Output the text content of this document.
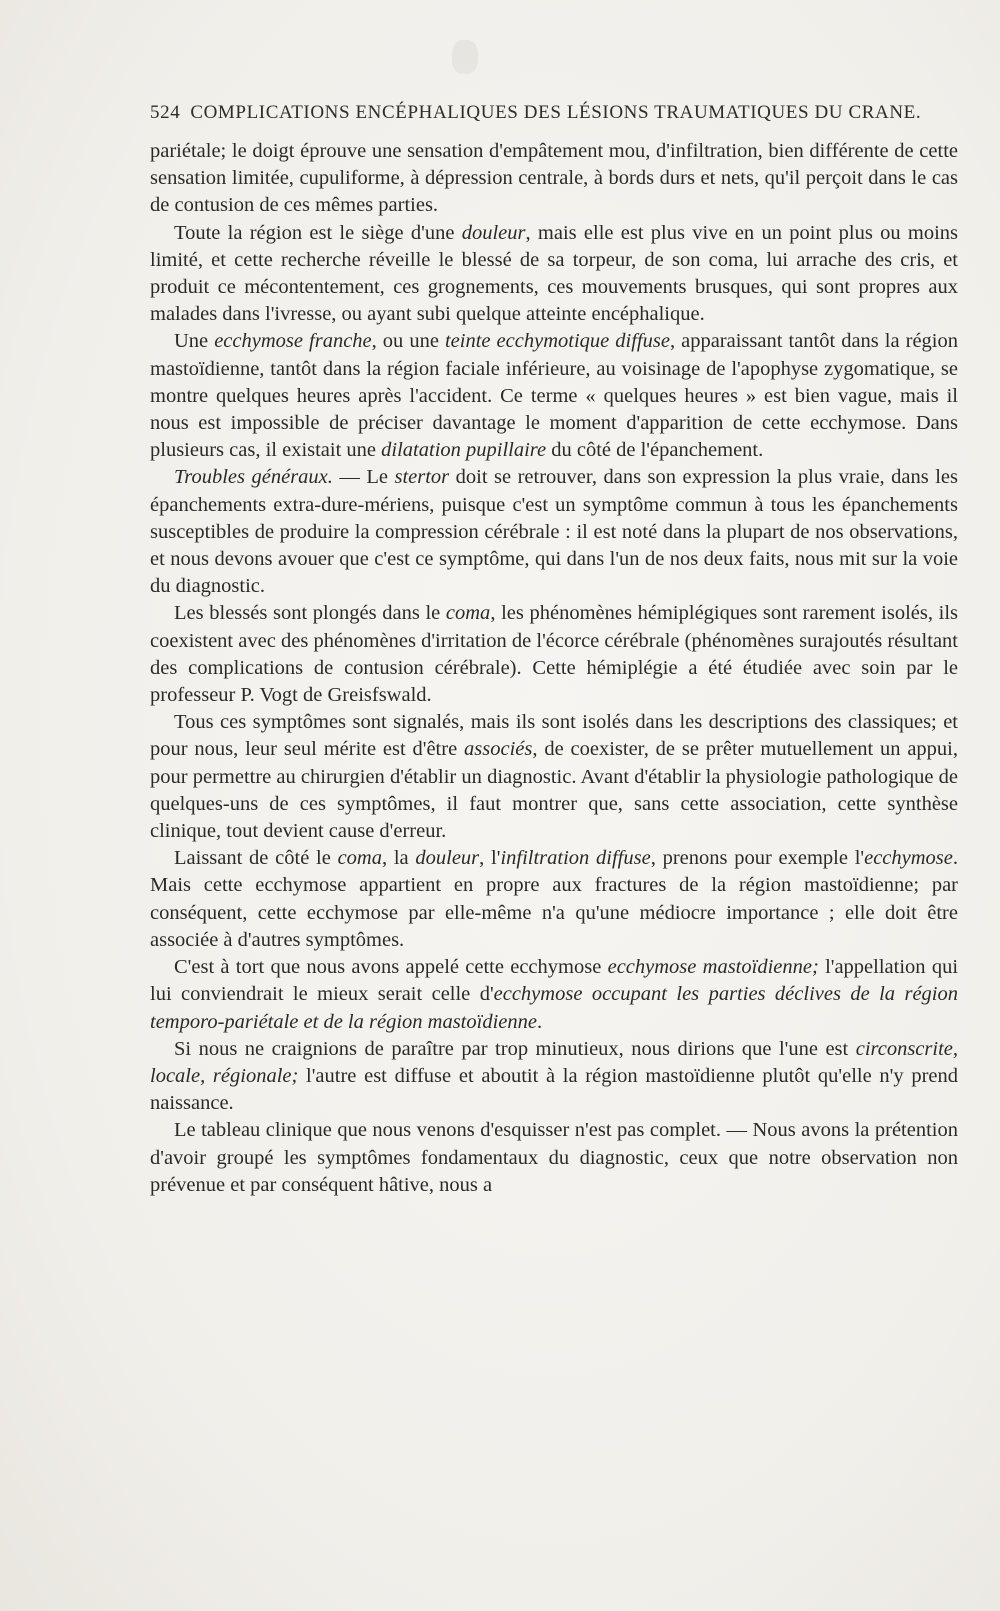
524 COMPLICATIONS ENCÉPHALIQUES DES LÉSIONS TRAUMATIQUES DU CRANE.

pariétale; le doigt éprouve une sensation d'empâtement mou, d'infiltration, bien différente de cette sensation limitée, cupuliforme, à dépression centrale, à bords durs et nets, qu'il perçoit dans le cas de contusion de ces mêmes parties.

Toute la région est le siège d'une douleur, mais elle est plus vive en un point plus ou moins limité, et cette recherche réveille le blessé de sa torpeur, de son coma, lui arrache des cris, et produit ce mécontentement, ces grognements, ces mouvements brusques, qui sont propres aux malades dans l'ivresse, ou ayant subi quelque atteinte encéphalique.

Une ecchymose franche, ou une teinte ecchymotique diffuse, apparaissant tantôt dans la région mastoïdienne, tantôt dans la région faciale inférieure, au voisinage de l'apophyse zygomatique, se montre quelques heures après l'accident. Ce terme « quelques heures » est bien vague, mais il nous est impossible de préciser davantage le moment d'apparition de cette ecchymose. Dans plusieurs cas, il existait une dilatation pupillaire du côté de l'épanchement.

Troubles généraux. — Le stertor doit se retrouver, dans son expression la plus vraie, dans les épanchements extra-dure-mériens, puisque c'est un symptôme commun à tous les épanchements susceptibles de produire la compression cérébrale : il est noté dans la plupart de nos observations, et nous devons avouer que c'est ce symptôme, qui dans l'un de nos deux faits, nous mit sur la voie du diagnostic.

Les blessés sont plongés dans le coma, les phénomènes hémiplégiques sont rarement isolés, ils coexistent avec des phénomènes d'irritation de l'écorce cérébrale (phénomènes surajoutés résultant des complications de contusion cérébrale). Cette hémiplégie a été étudiée avec soin par le professeur P. Vogt de Greisfswald.

Tous ces symptômes sont signalés, mais ils sont isolés dans les descriptions des classiques; et pour nous, leur seul mérite est d'être associés, de coexister, de se prêter mutuellement un appui, pour permettre au chirurgien d'établir un diagnostic. Avant d'établir la physiologie pathologique de quelques-uns de ces symptômes, il faut montrer que, sans cette association, cette synthèse clinique, tout devient cause d'erreur.

Laissant de côté le coma, la douleur, l'infiltration diffuse, prenons pour exemple l'ecchymose. Mais cette ecchymose appartient en propre aux fractures de la région mastoïdienne; par conséquent, cette ecchymose par elle-même n'a qu'une médiocre importance ; elle doit être associée à d'autres symptômes.

C'est à tort que nous avons appelé cette ecchymose ecchymose mastoïdienne; l'appellation qui lui conviendrait le mieux serait celle d'ecchymose occupant les parties déclives de la région temporo-pariétale et de la région mastoïdienne.

Si nous ne craignions de paraître par trop minutieux, nous dirions que l'une est circonscrite, locale, régionale; l'autre est diffuse et aboutit à la région mastoïdienne plutôt qu'elle n'y prend naissance.

Le tableau clinique que nous venons d'esquisser n'est pas complet. — Nous avons la prétention d'avoir groupé les symptômes fondamentaux du diagnostic, ceux que notre observation non prévenue et par conséquent hâtive, nous a
